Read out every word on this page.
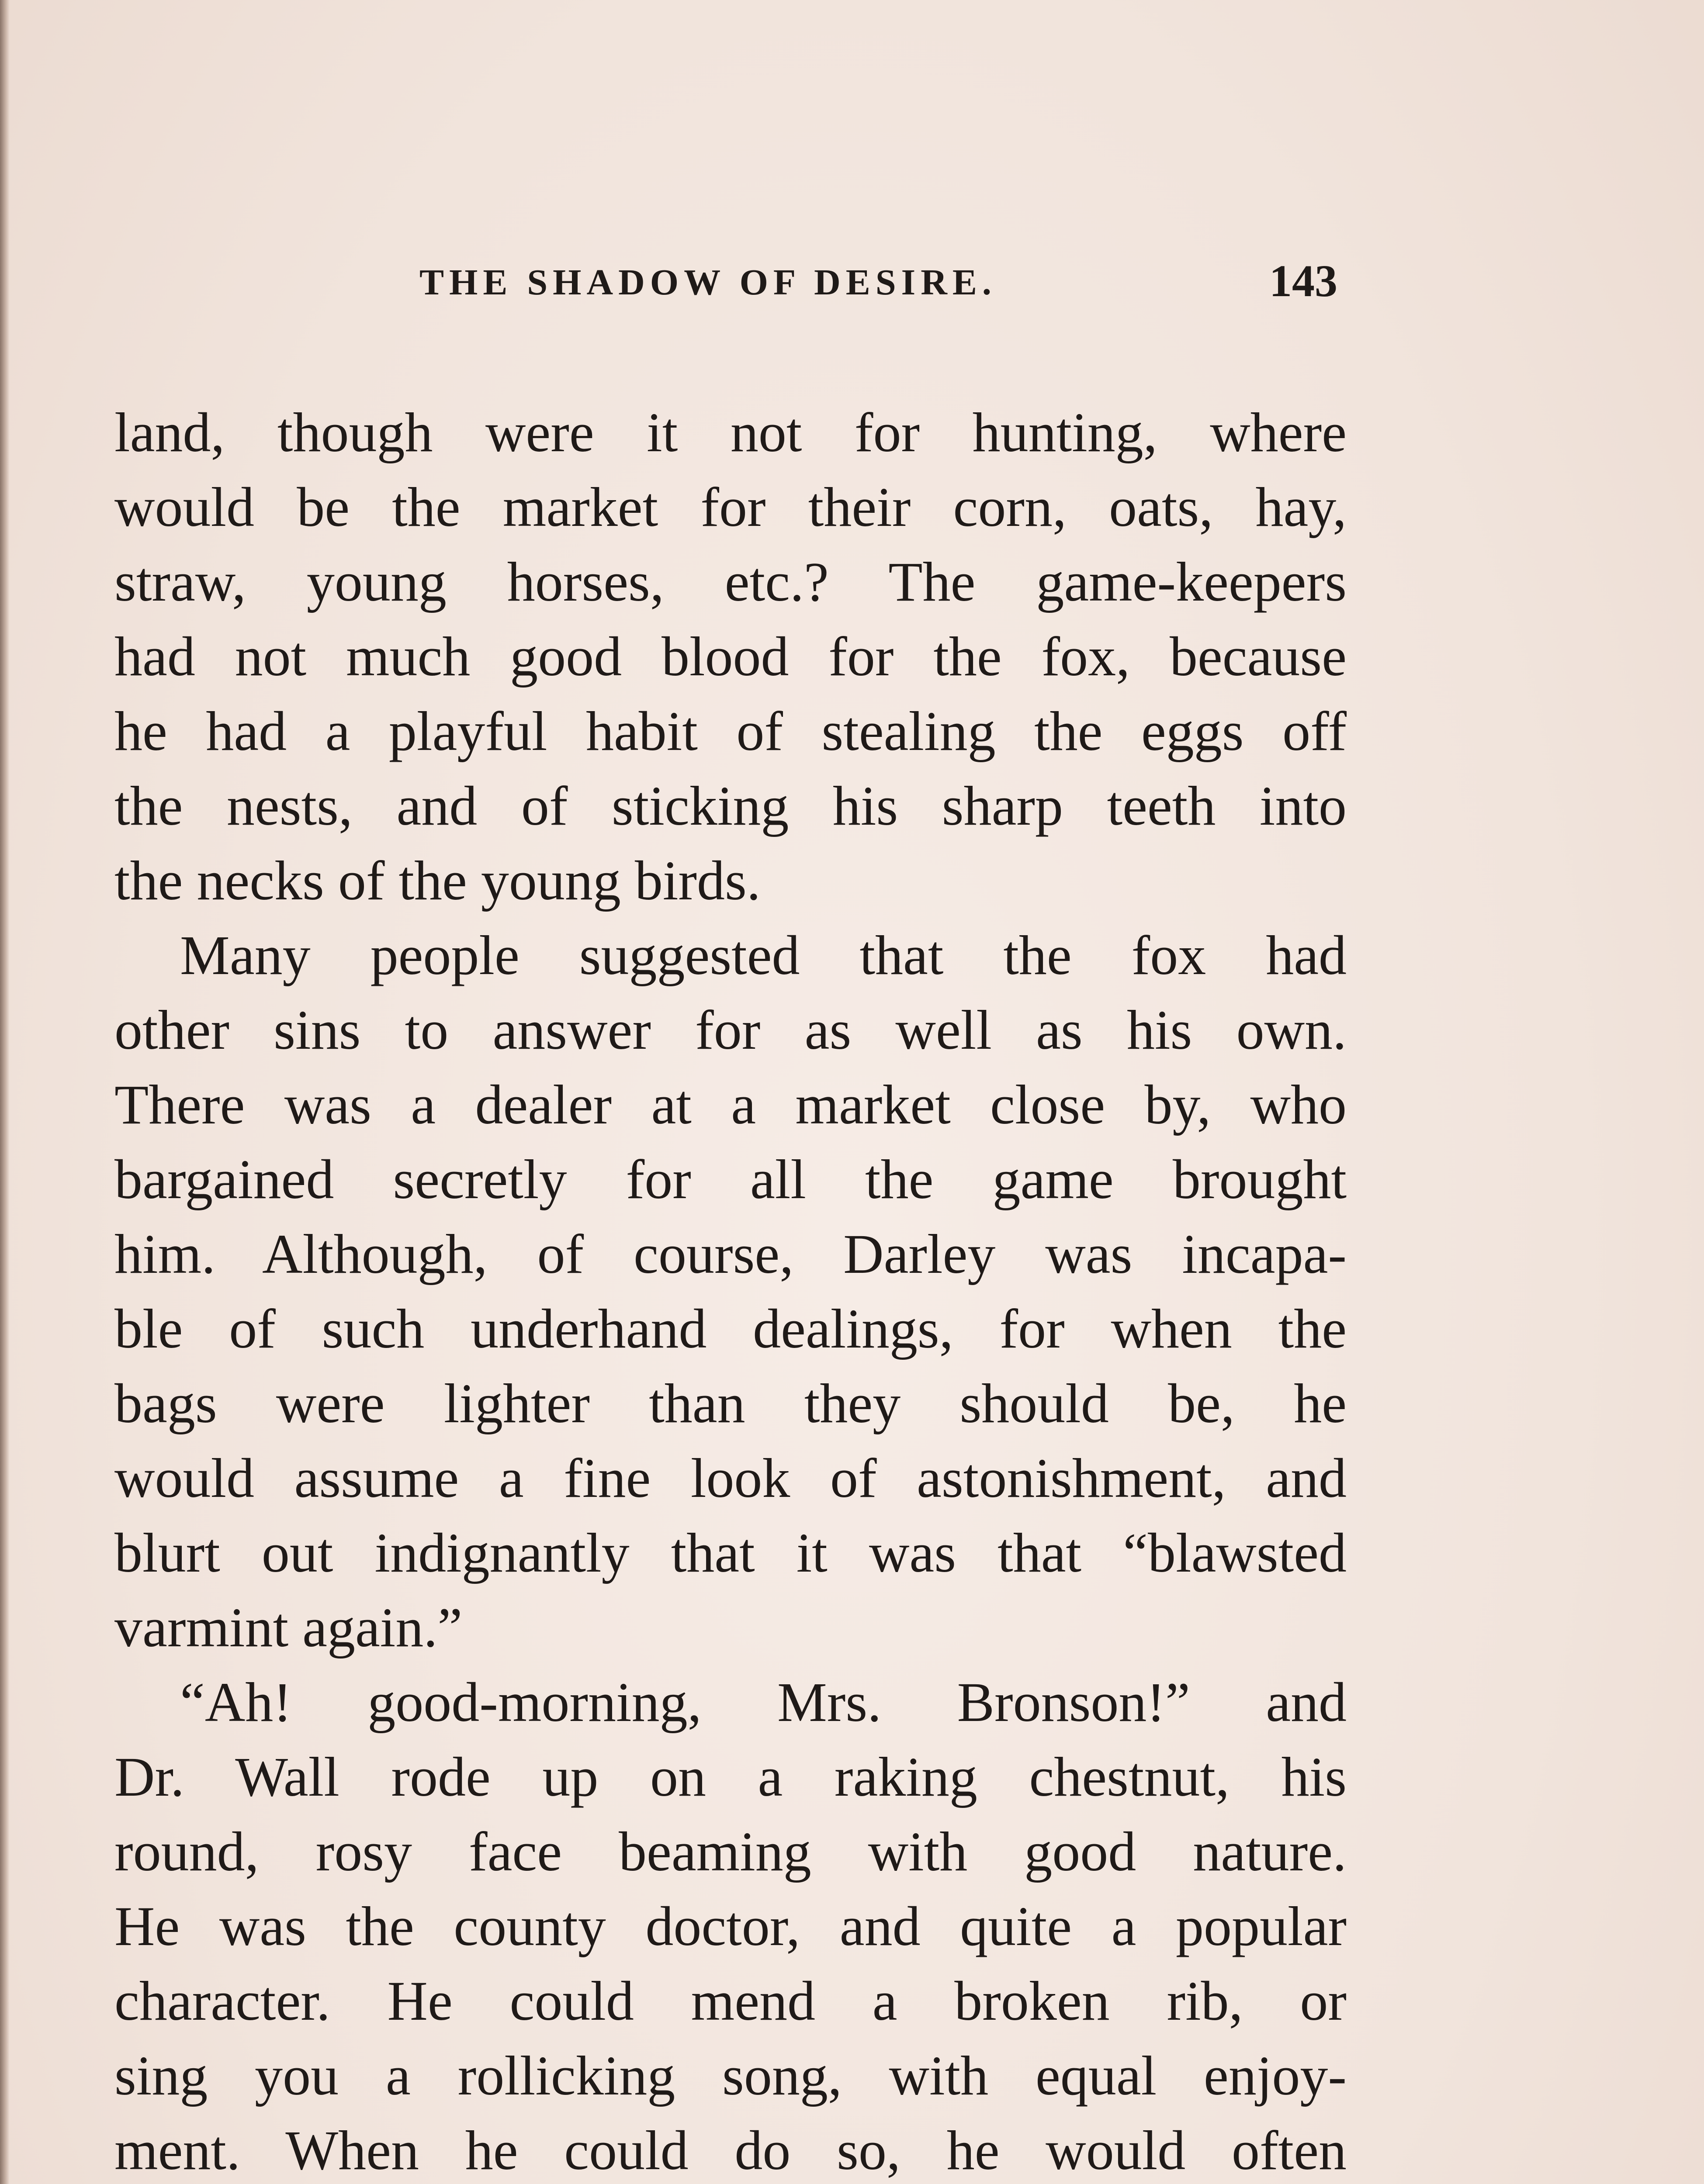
THE SHADOW OF DESIRE.	143
land, though were it not for hunting, where
would be the market for their corn, oats, hay,
straw, young horses, etc.? The game-keepers
had not much good blood for the fox, because
he had a playful habit of stealing the eggs off
the nests, and of sticking his sharp teeth into
the necks of the young birds.
Many people suggested that the fox had
other sins to answer for as well as his own.
There was a dealer at a market close by, who
bargained secretly for all the game brought
him. Although, of course, Darley was incapa-
ble of such underhand dealings, for when the
bags were lighter than they should be, he
would assume a fine look of astonishment, and
blurt out indignantly that it was that “blawsted
varmint again.”
“Ah! good-morning, Mrs. Bronson!” and
Dr. Wall rode up on a raking chestnut, his
round, rosy face beaming with good nature.
He was the county doctor, and quite a popular
character. He could mend a broken rib, or
sing you a rollicking song, with equal enjoy-
ment. When he could do so, he would often
